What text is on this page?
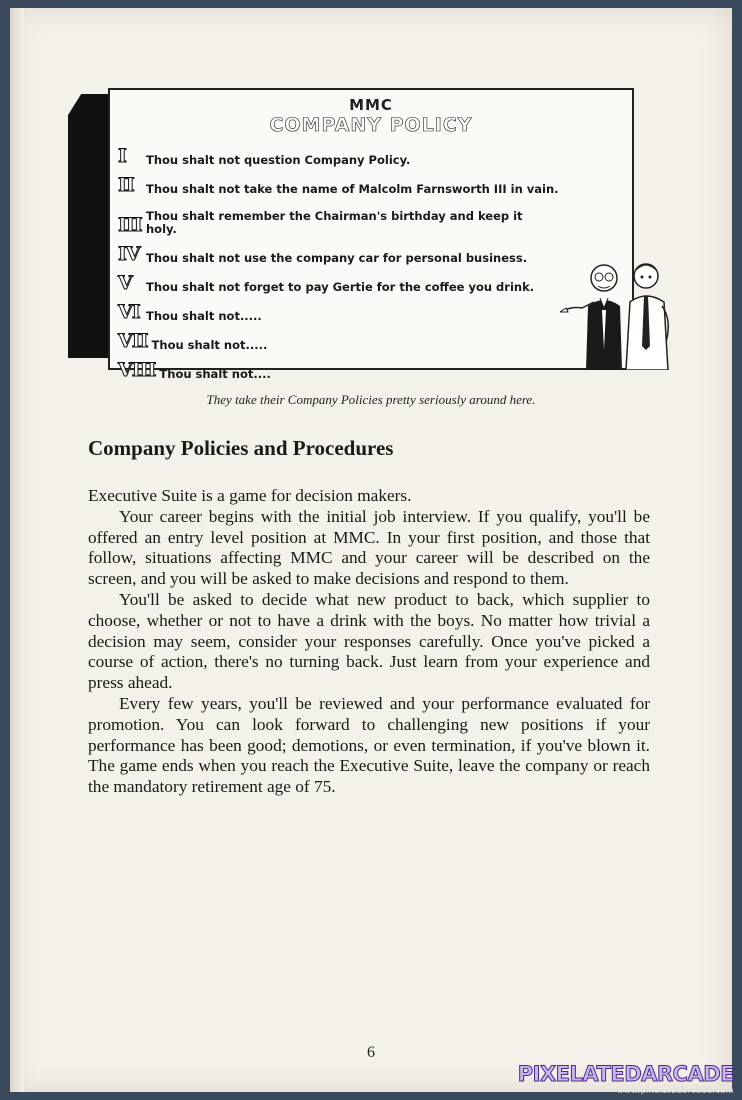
MMC
COMPANY POLICY
I	Thou shalt not question Company Policy.
II	Thou shalt not take the name of Malcolm Farnsworth III in vain.
III Thou shalt remember the Chairman's birthday and keep it holy.
IV Thou shalt not use the company car for personal business.
V	Thou shalt not forget to pay Gertie for the coffee you drink.
VI Thou shalt not.....
VII Thou shalt not.....
VIII Thou shalt not....
They take their Company Policies pretty seriously around here.
Company Policies and Procedures

Executive Suite is a game for decision makers.

Your career begins with the initial job interview. If you qualify, you'll be offered an entry level position at MMC. In your first position, and those that follow, situations affecting MMC and your career will be described on the screen, and you will be asked to make decisions and respond to them.

You'll be asked to decide what new product to back, which supplier to choose, whether or not to have a drink with the boys. No matter how trivial a decision may seem, consider your responses carefully. Once you've picked a course of action, there's no turning back. Just learn from your experience and press ahead.

Every few years, you'll be reviewed and your performance evaluated for promotion. You can look forward to challenging new positions if your performance has been good; demotions, or even termination, if you've blown it. The game ends when you reach the Executive Suite, leave the company or reach the mandatory retirement age of 75.

6
PIXELATEDARCADE
www.pixelatedarcade.com
